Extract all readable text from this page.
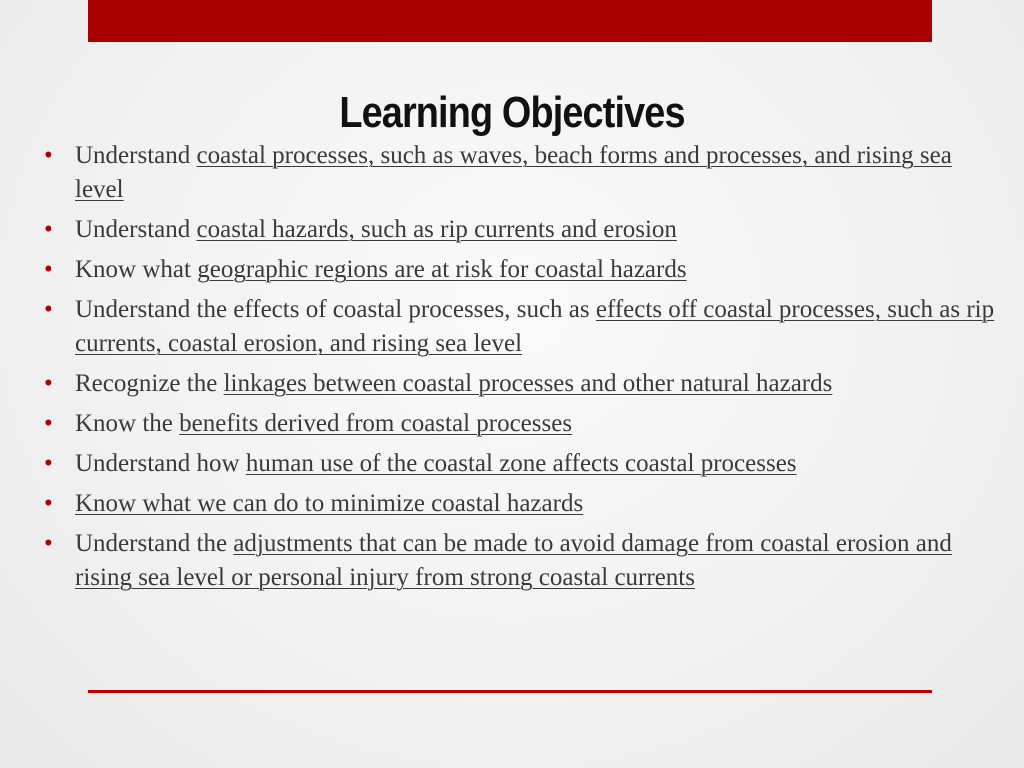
Learning Objectives
• Understand coastal processes, such as waves, beach forms and processes, and rising sea level
• Understand coastal hazards, such as rip currents and erosion
• Know what geographic regions are at risk for coastal hazards
• Understand the effects of coastal processes, such as effects off coastal processes, such as rip currents, coastal erosion, and rising sea level
• Recognize the linkages between coastal processes and other natural hazards
• Know the benefits derived from coastal processes
• Understand how human use of the coastal zone affects coastal processes
• Know what we can do to minimize coastal hazards
• Understand the adjustments that can be made to avoid damage from coastal erosion and rising sea level or personal injury from strong coastal currents
